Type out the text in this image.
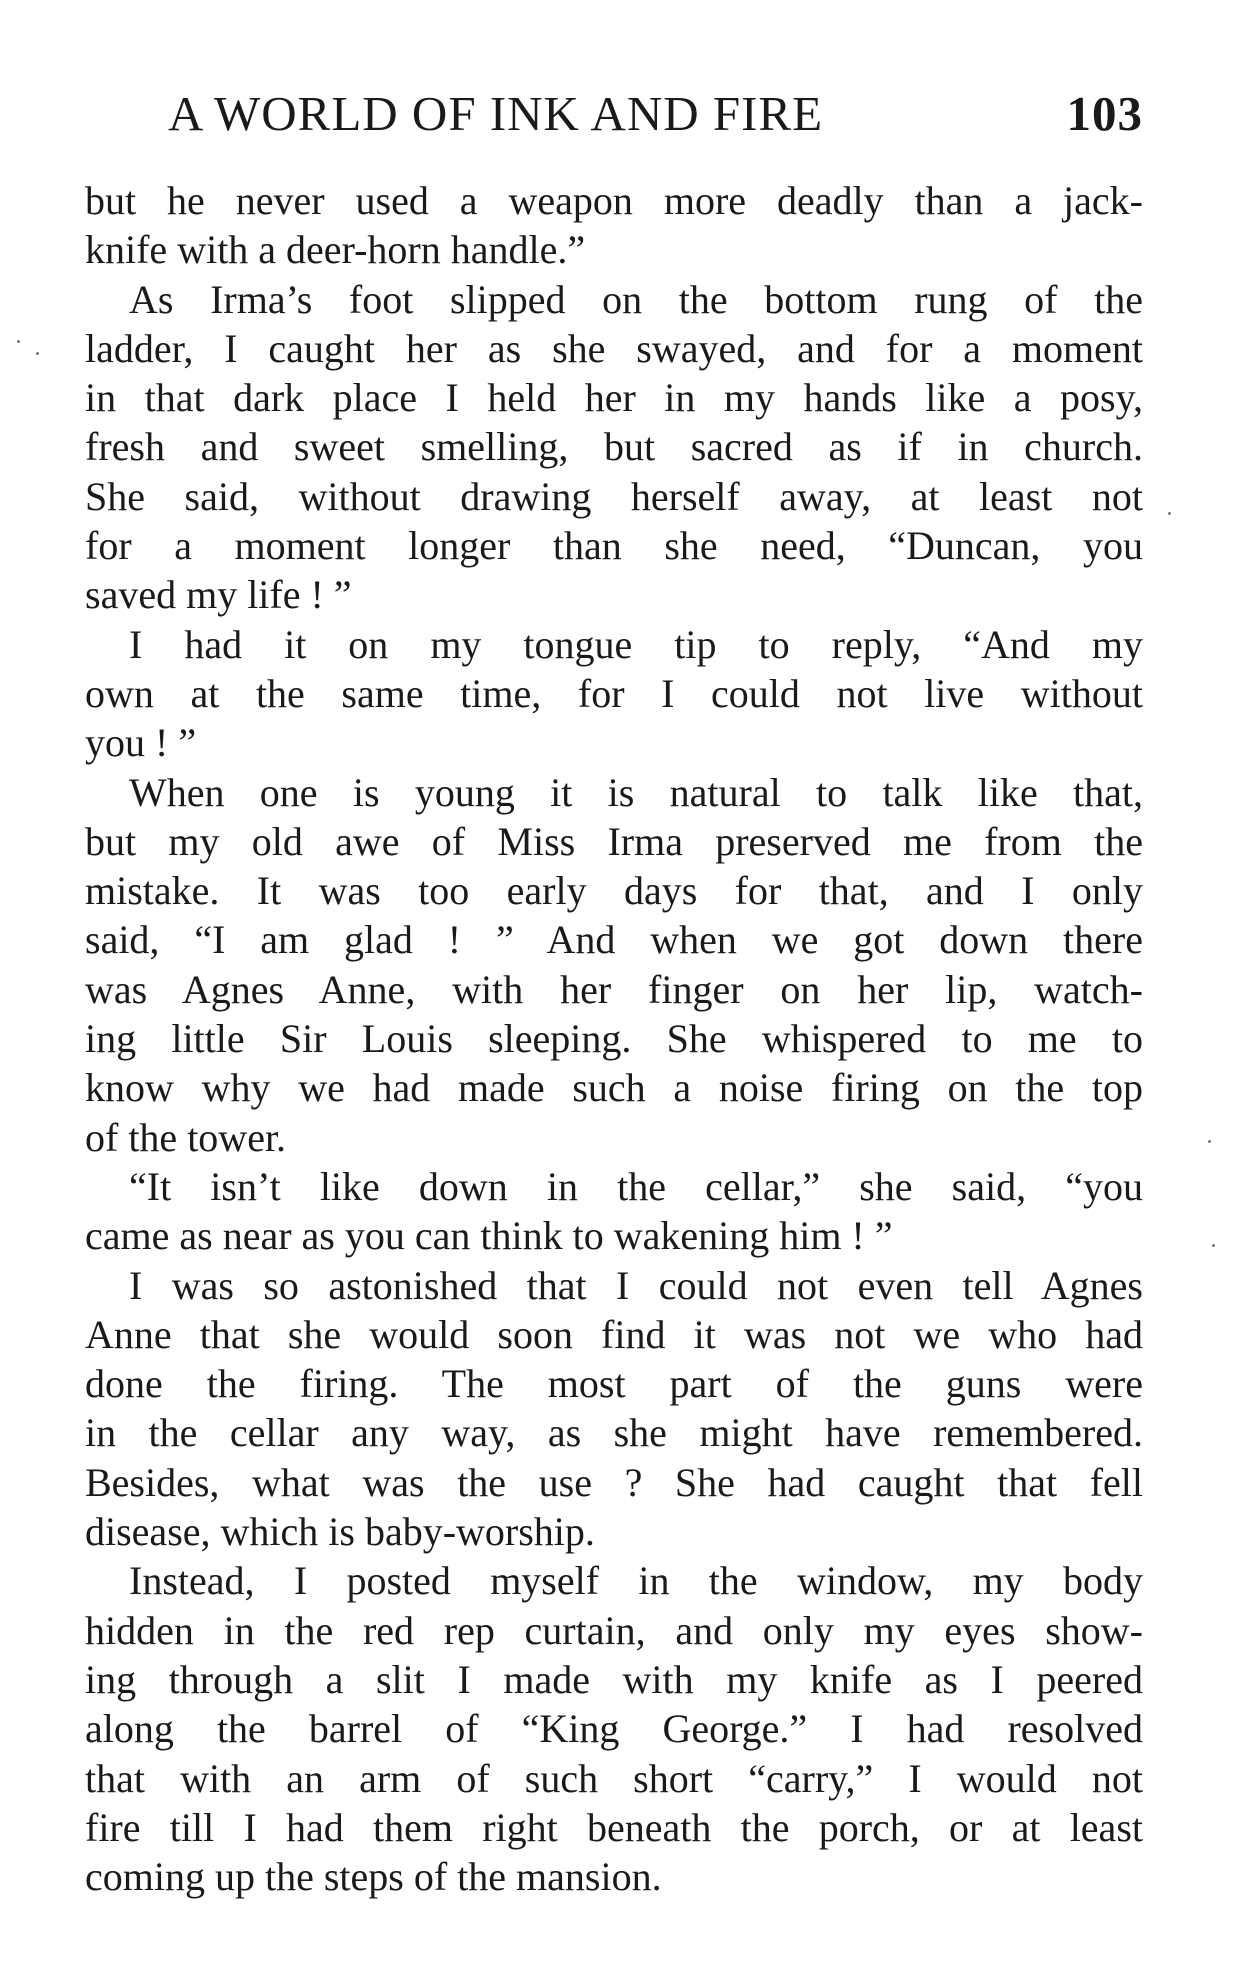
A WORLD OF INK AND FIRE	103
but he never used a weapon more deadly than a jack-
knife with a deer-horn handle.”
As Irma’s foot slipped on the bottom rung of the
ladder, I caught her as she swayed, and for a moment
in that dark place I held her in my hands like a posy,
fresh and sweet smelling, but sacred as if in church.
She said, without drawing herself away, at least not
for a moment longer than she need, “Duncan, you
saved my life ! ”
I had it on my tongue tip to reply, “And my
own at the same time, for I could not live without
you ! ”
When one is young it is natural to talk like that,
but my old awe of Miss Irma preserved me from the
mistake. It was too early days for that, and I only
said, “I am glad ! ” And when we got down there
was Agnes Anne, with her finger on her lip, watch-
ing little Sir Louis sleeping. She whispered to me to
know why we had made such a noise firing on the top
of the tower.
“It isn’t like down in the cellar,” she said, “you
came as near as you can think to wakening him ! ”
I was so astonished that I could not even tell Agnes
Anne that she would soon find it was not we who had
done the firing. The most part of the guns were
in the cellar any way, as she might have remembered.
Besides, what was the use ? She had caught that fell
disease, which is baby-worship.
Instead, I posted myself in the window, my body
hidden in the red rep curtain, and only my eyes show-
ing through a slit I made with my knife as I peered
along the barrel of “King George.” I had resolved
that with an arm of such short “carry,” I would not
fire till I had them right beneath the porch, or at least
coming up the steps of the mansion.
